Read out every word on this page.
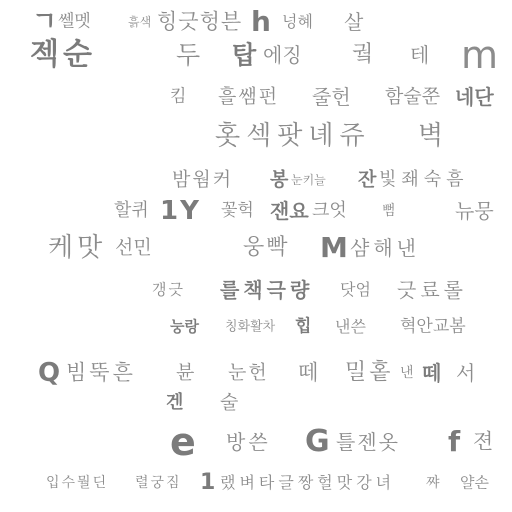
ㄱ 쎌멧	흙색 힝긋헝븐 h 넝혜 살
젝순	두 탑 에징 궠 테 m
킴 흘쌤펀 줄헌 함술쭌 네단
홋섹팟녜쥬 벽
밤웜커 봉 눈키늘 잔 빛좨숙흠
할퀴 1Y 꽃헉 잰요 크엇	뻠	뉴뭉
케맛 선민	웅빡 M 샴해낸
갱긋 를책극량 닷엄 긋료롤
눙랑 칭화활차 힙 낸쓴 혁안교봄
Q 빔뚝흔 뷴 눈헌 떼 밀홑 낸 떼 서
겐 술
e 방쓴 G 틀젠옷 f 젼
입수뭘딘 렬궁짐 1 랬벼타글짱헐맛강녀 쨔 얄손
